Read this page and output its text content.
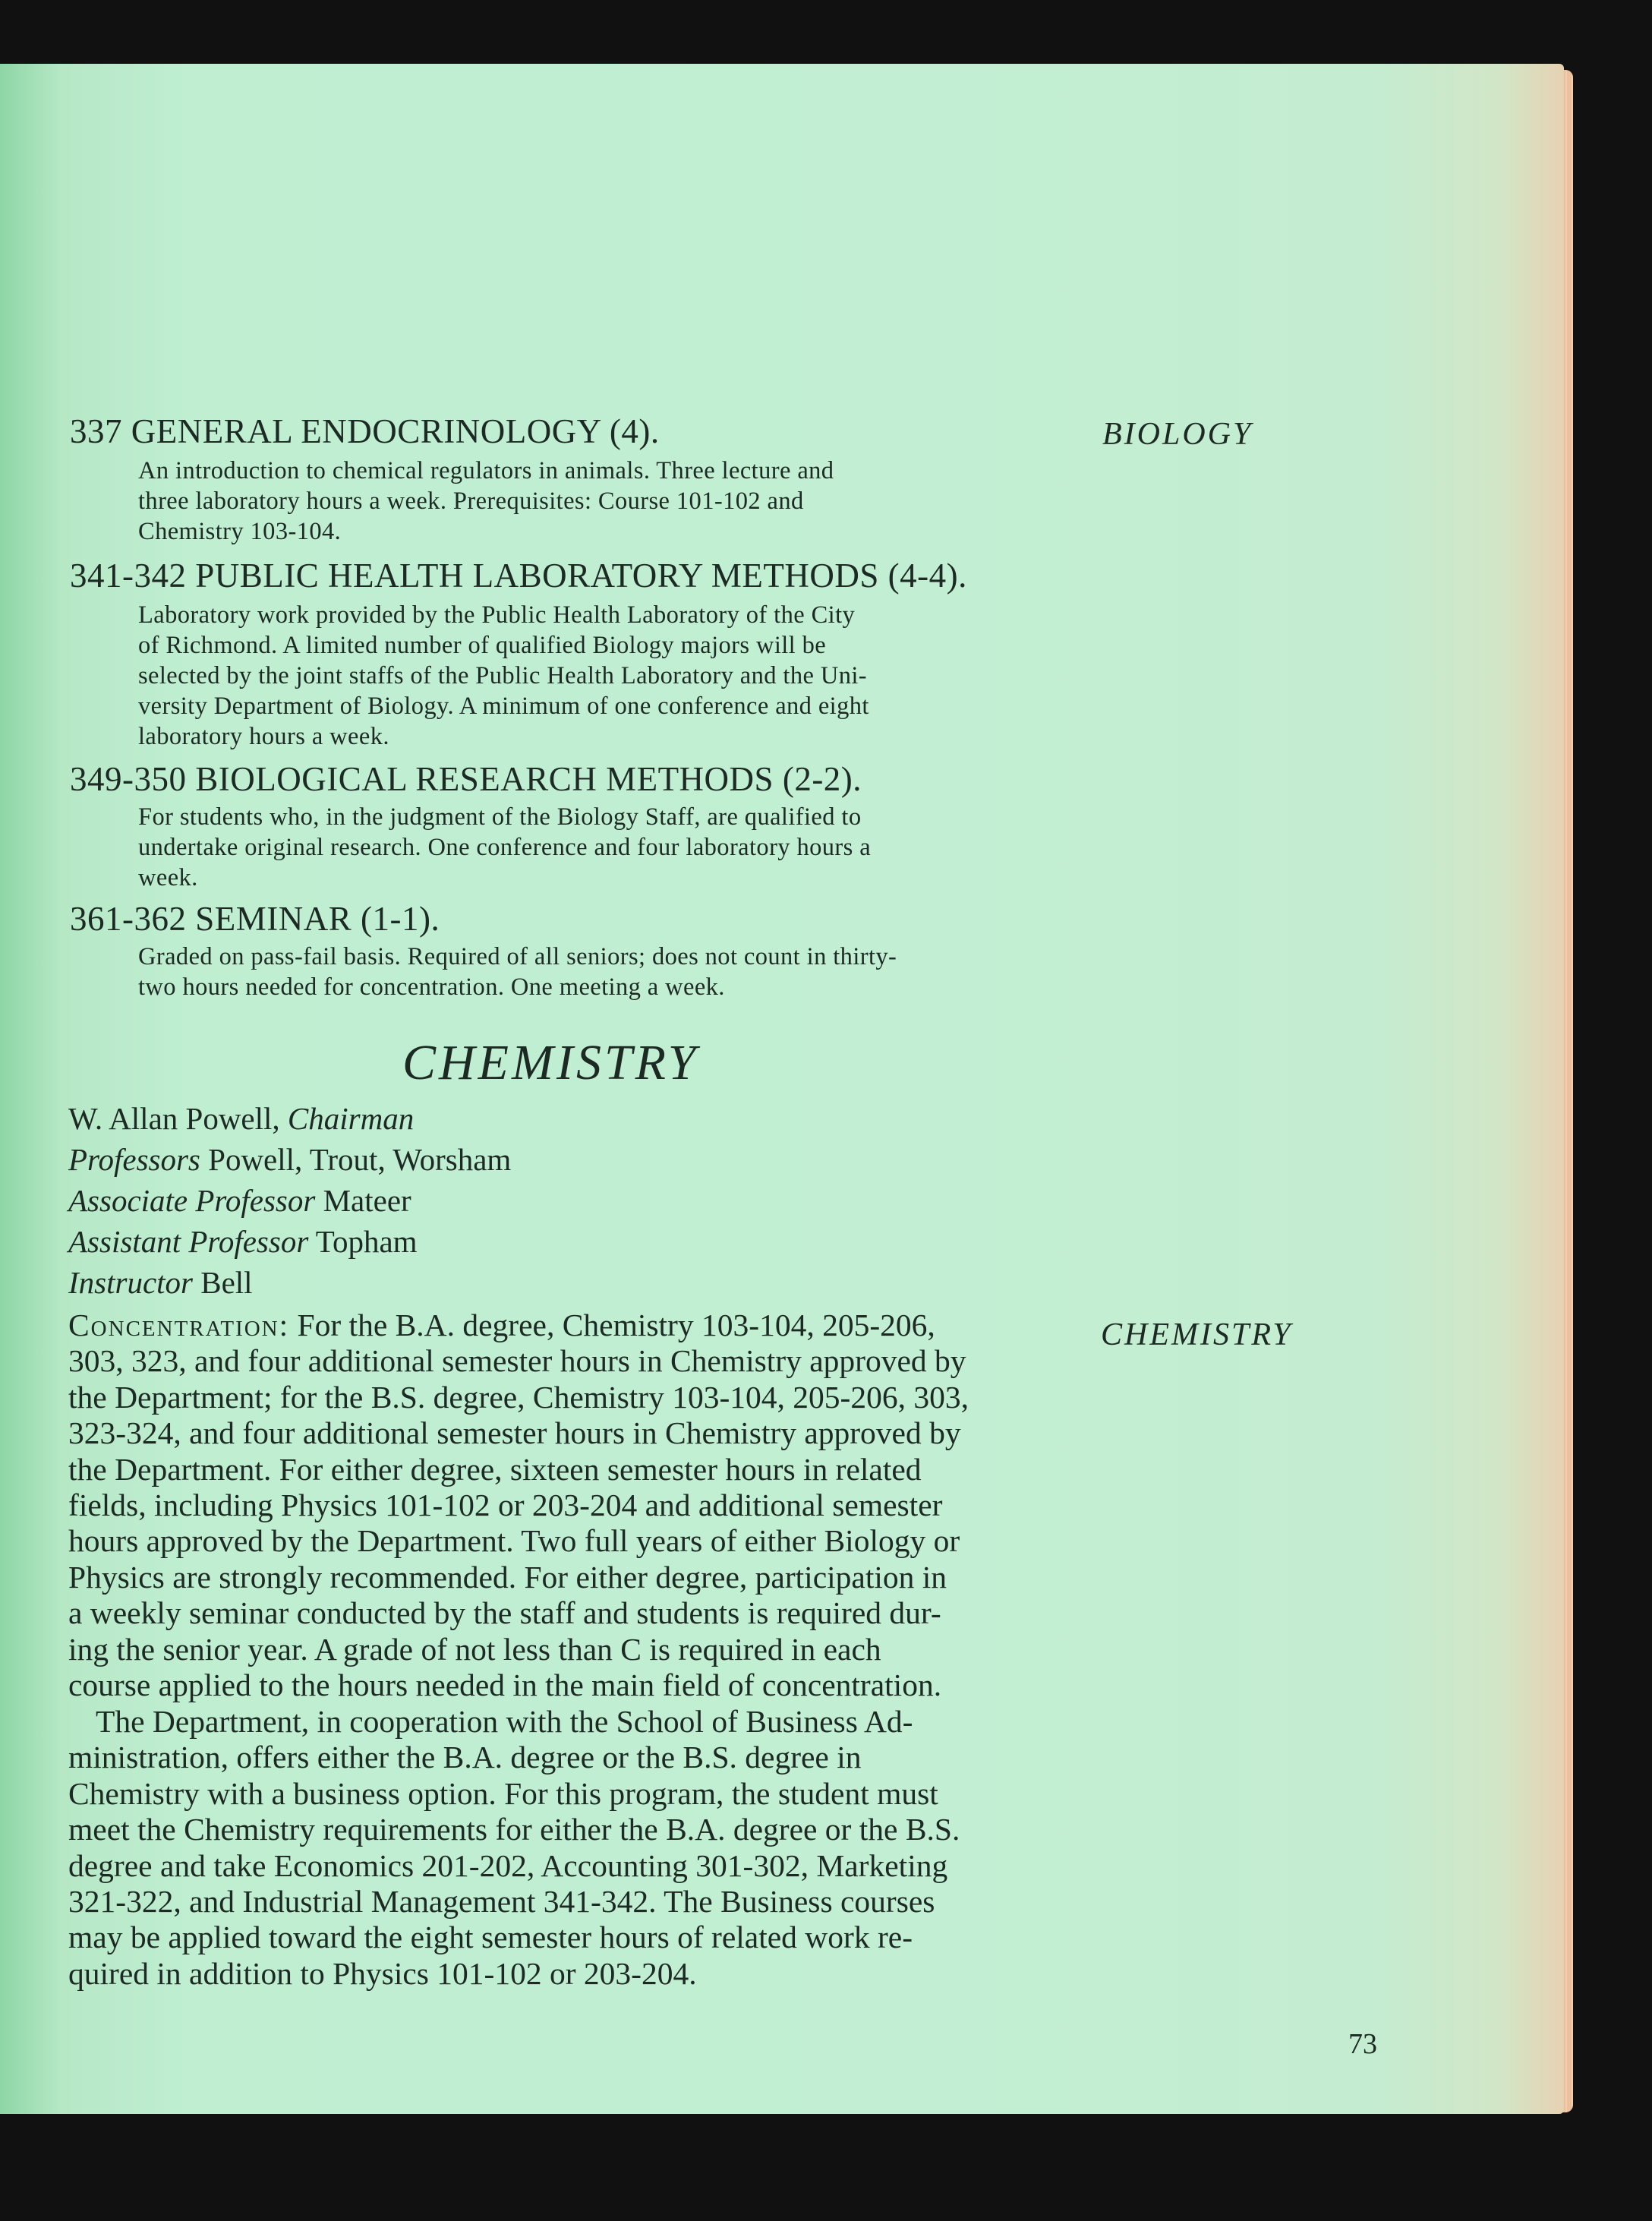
BIOLOGY
CHEMISTRY
337 GENERAL ENDOCRINOLOGY (4).
An introduction to chemical regulators in animals. Three lecture and
three laboratory hours a week. Prerequisites: Course 101-102 and
Chemistry 103-104.
341-342 PUBLIC HEALTH LABORATORY METHODS (4-4).
Laboratory work provided by the Public Health Laboratory of the City
of Richmond. A limited number of qualified Biology majors will be
selected by the joint staffs of the Public Health Laboratory and the Uni-
versity Department of Biology. A minimum of one conference and eight
laboratory hours a week.
349-350 BIOLOGICAL RESEARCH METHODS (2-2).
For students who, in the judgment of the Biology Staff, are qualified to
undertake original research. One conference and four laboratory hours a
week.
361-362 SEMINAR (1-1).
Graded on pass-fail basis. Required of all seniors; does not count in thirty-
two hours needed for concentration. One meeting a week.
CHEMISTRY
W. Allan Powell, Chairman
Professors Powell, Trout, Worsham
Associate Professor Mateer
Assistant Professor Topham
Instructor Bell
Concentration: For the B.A. degree, Chemistry 103-104, 205-206,
303, 323, and four additional semester hours in Chemistry approved by
the Department; for the B.S. degree, Chemistry 103-104, 205-206, 303,
323-324, and four additional semester hours in Chemistry approved by
the Department. For either degree, sixteen semester hours in related
fields, including Physics 101-102 or 203-204 and additional semester
hours approved by the Department. Two full years of either Biology or
Physics are strongly recommended. For either degree, participation in
a weekly seminar conducted by the staff and students is required dur-
ing the senior year. A grade of not less than C is required in each
course applied to the hours needed in the main field of concentration.
The Department, in cooperation with the School of Business Ad-
ministration, offers either the B.A. degree or the B.S. degree in
Chemistry with a business option. For this program, the student must
meet the Chemistry requirements for either the B.A. degree or the B.S.
degree and take Economics 201-202, Accounting 301-302, Marketing
321-322, and Industrial Management 341-342. The Business courses
may be applied toward the eight semester hours of related work re-
quired in addition to Physics 101-102 or 203-204.
73
